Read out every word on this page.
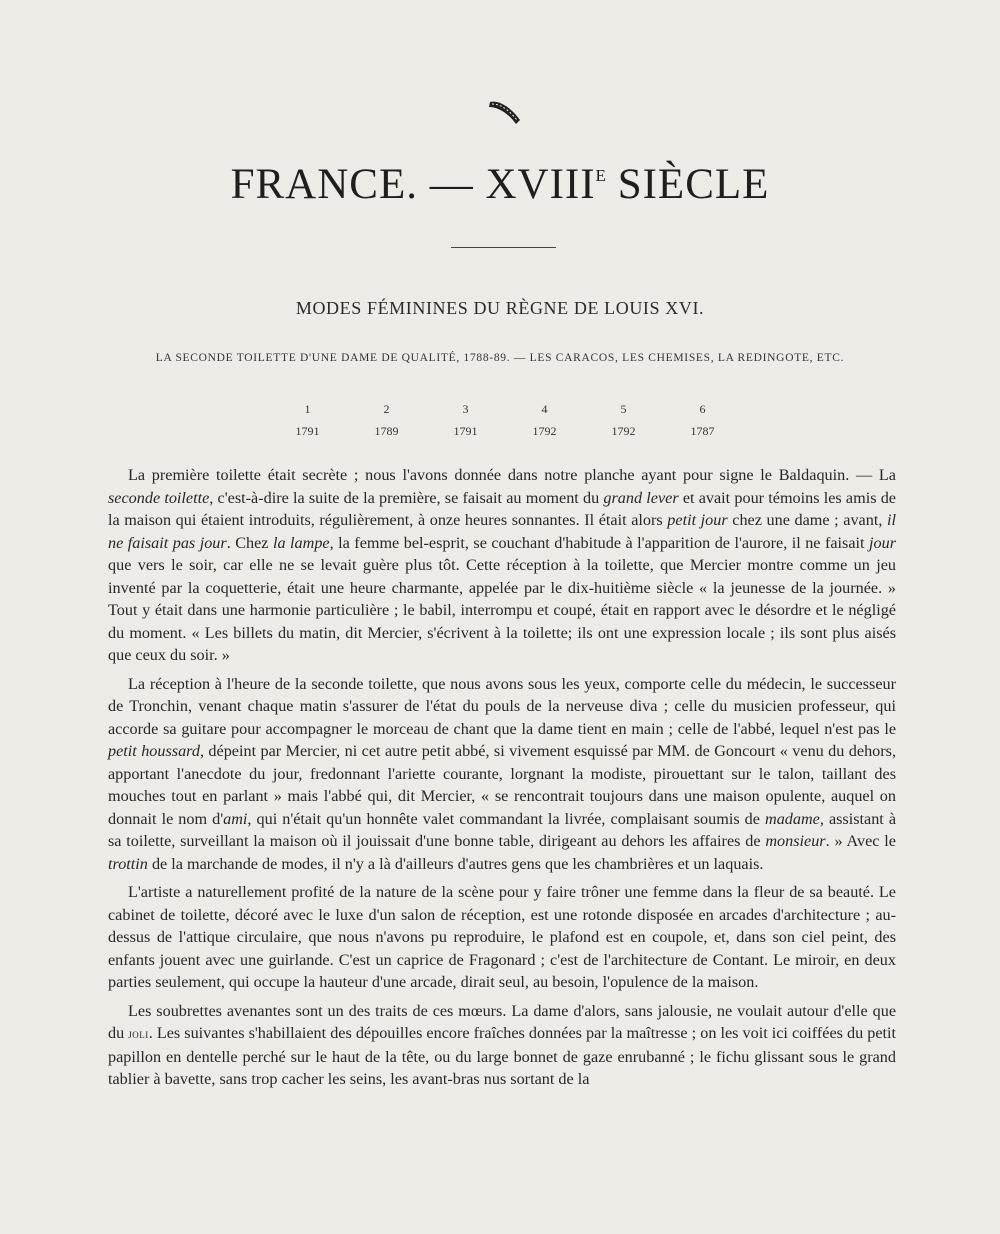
FRANCE. — $XVIII^E$ SIÈCLE
MODES FÉMININES DU RÈGNE DE LOUIS XVI.
LA SECONDE TOILETTE D'UNE DAME DE QUALITÉ, 1788-89. — LES CARACOS, LES CHEMISES, LA REDINGOTE, ETC.
1	2	3	4	5	6
1791	1789	1791	1792	1792	1787

La première toilette était secrète ; nous l'avons donnée dans notre planche ayant pour signe le Baldaquin. — La seconde toilette, c'est-à-dire la suite de la première, se faisait au moment du grand lever et avait pour témoins les amis de la maison qui étaient introduits, régulièrement, à onze heures sonnantes. Il était alors petit jour chez une dame ; avant, il ne faisait pas jour. Chez la lampe, la femme bel-esprit, se couchant d'habitude à l'apparition de l'aurore, il ne faisait jour que vers le soir, car elle ne se levait guère plus tôt. Cette réception à la toilette, que Mercier montre comme un jeu inventé par la coquetterie, était une heure charmante, appelée par le dix-huitième siècle « la jeunesse de la journée. » Tout y était dans une harmonie particulière ; le babil, interrompu et coupé, était en rapport avec le désordre et le négligé du moment. « Les billets du matin, dit Mercier, s'écrivent à la toilette; ils ont une expression locale ; ils sont plus aisés que ceux du soir. »

La réception à l'heure de la seconde toilette, que nous avons sous les yeux, comporte celle du médecin, le successeur de Tronchin, venant chaque matin s'assurer de l'état du pouls de la nerveuse diva ; celle du musicien professeur, qui accorde sa guitare pour accompagner le morceau de chant que la dame tient en main ; celle de l'abbé, lequel n'est pas le petit houssard, dépeint par Mercier, ni cet autre petit abbé, si vivement esquissé par MM. de Goncourt « venu du dehors, apportant l'anecdote du jour, fredonnant l'ariette courante, lorgnant la modiste, pirouettant sur le talon, taillant des mouches tout en parlant » mais l'abbé qui, dit Mercier, « se rencontrait toujours dans une maison opulente, auquel on donnait le nom d'ami, qui n'était qu'un honnête valet commandant la livrée, complaisant soumis de madame, assistant à sa toilette, surveillant la maison où il jouissait d'une bonne table, dirigeant au dehors les affaires de monsieur. » Avec le trottin de la marchande de modes, il n'y a là d'ailleurs d'autres gens que les chambrières et un laquais.

L'artiste a naturellement profité de la nature de la scène pour y faire trôner une femme dans la fleur de sa beauté. Le cabinet de toilette, décoré avec le luxe d'un salon de réception, est une rotonde disposée en arcades d'architecture ; au-dessus de l'attique circulaire, que nous n'avons pu reproduire, le plafond est en coupole, et, dans son ciel peint, des enfants jouent avec une guirlande. C'est un caprice de Fragonard ; c'est de l'architecture de Contant. Le miroir, en deux parties seulement, qui occupe la hauteur d'une arcade, dirait seul, au besoin, l'opulence de la maison.

Les soubrettes avenantes sont un des traits de ces mœurs. La dame d'alors, sans jalousie, ne voulait autour d'elle que du joli. Les suivantes s'habillaient des dépouilles encore fraîches données par la maîtresse ; on les voit ici coiffées du petit papillon en dentelle perché sur le haut de la tête, ou du large bonnet de gaze enrubanné ; le fichu glissant sous le grand tablier à bavette, sans trop cacher les seins, les avant-bras nus sortant de la
